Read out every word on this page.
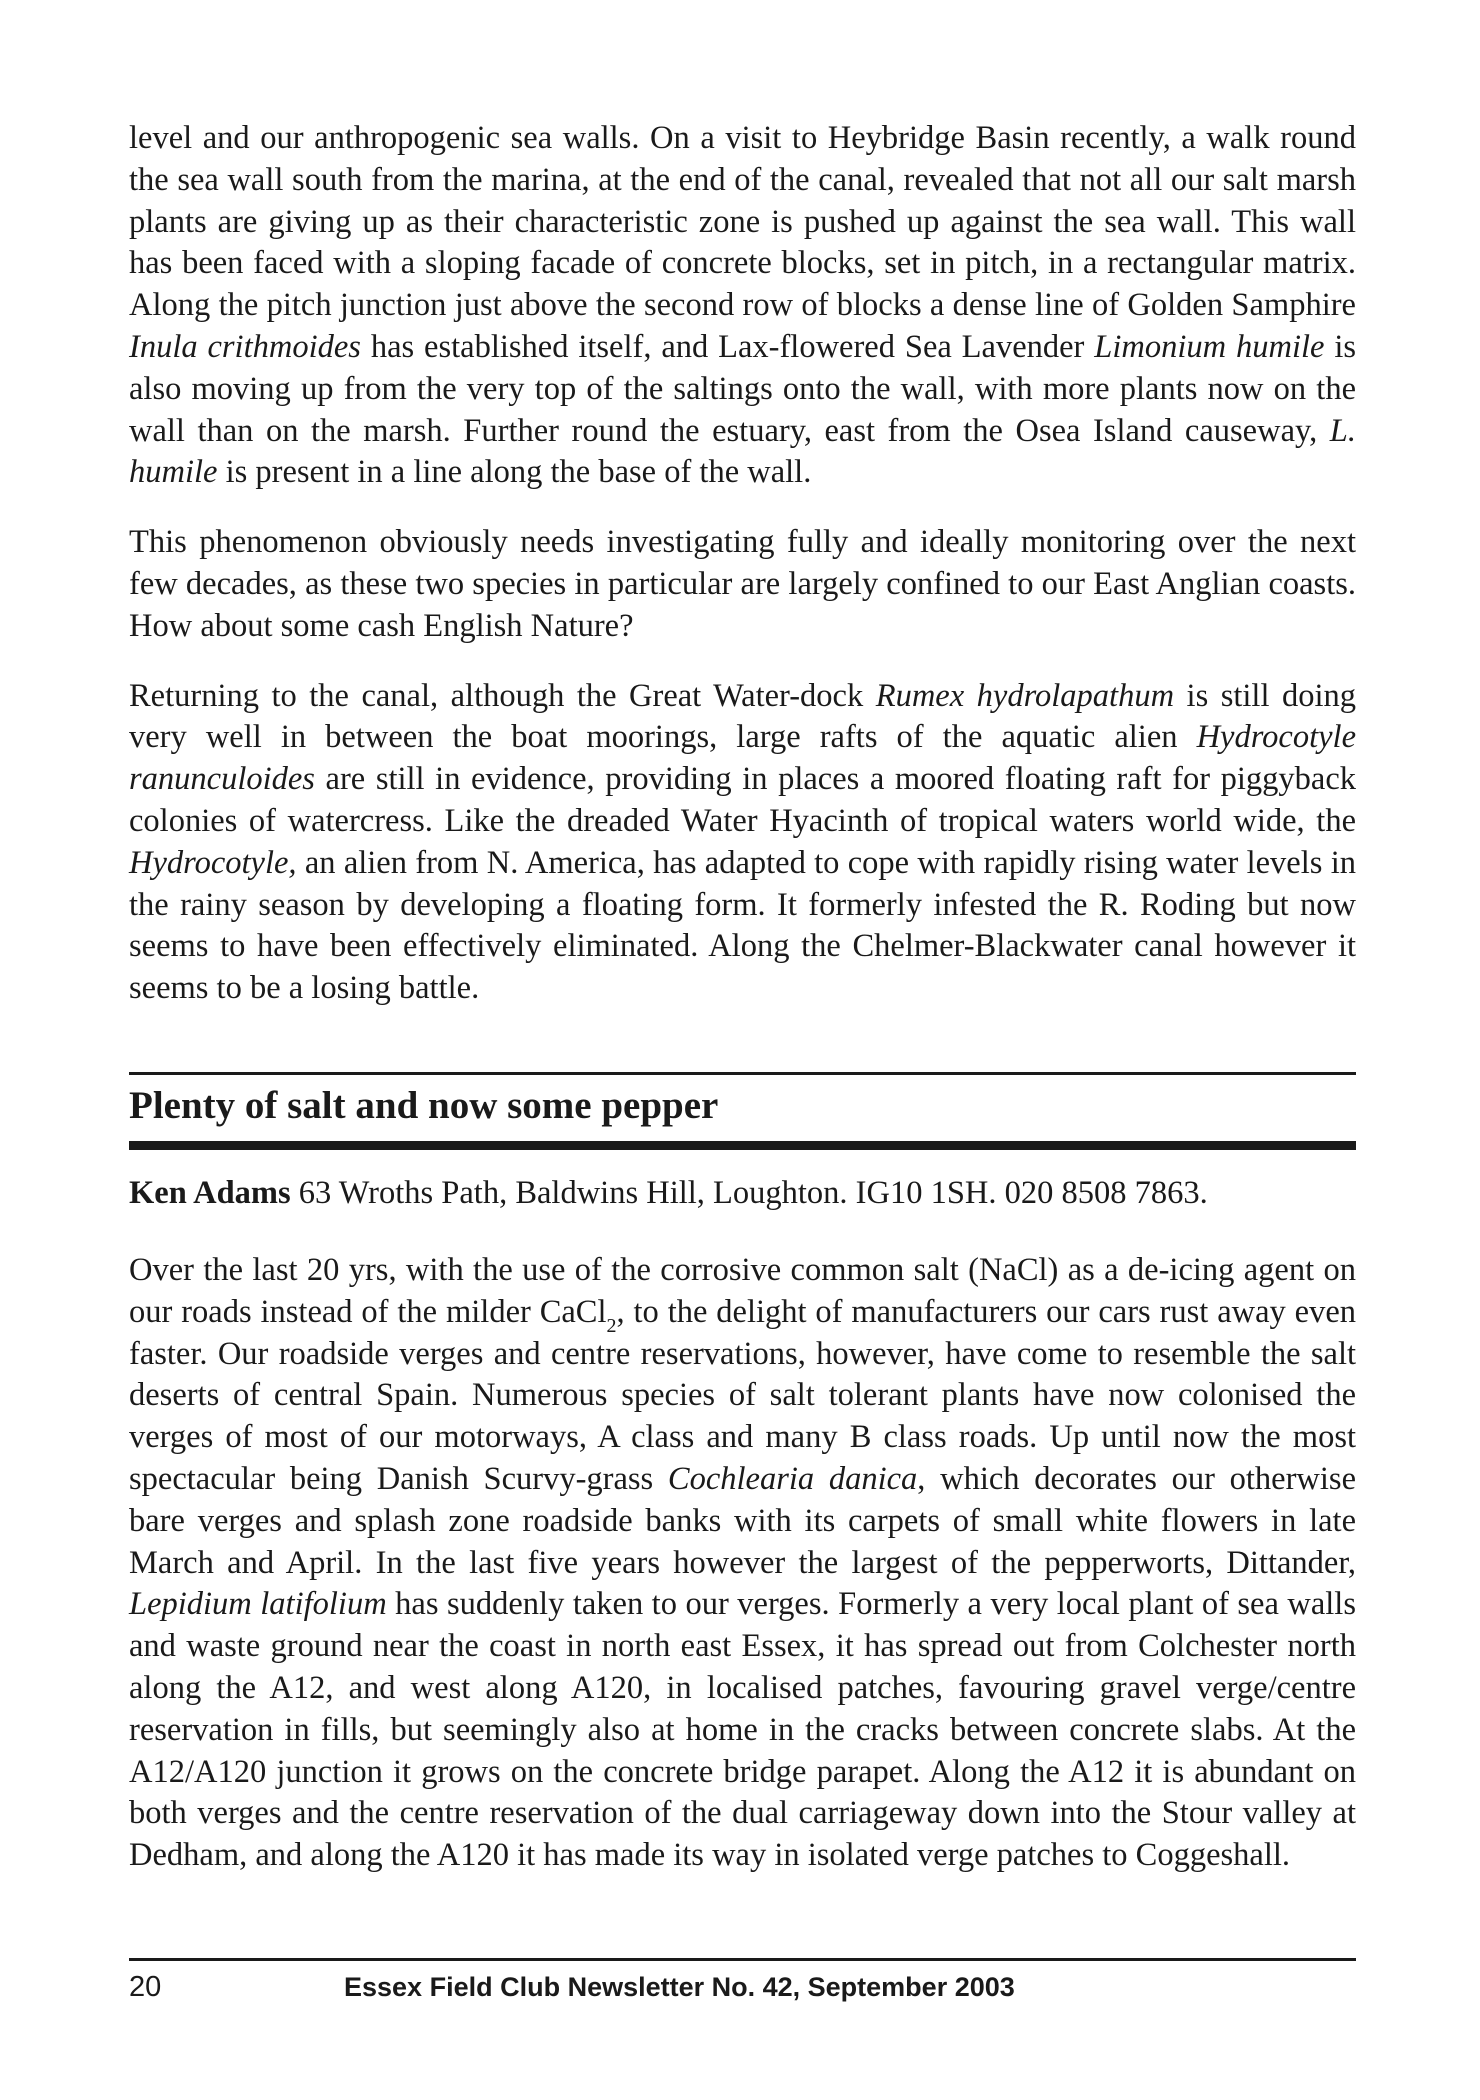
level and our anthropogenic sea walls. On a visit to Heybridge Basin recently, a walk round the sea wall south from the marina, at the end of the canal, revealed that not all our salt marsh plants are giving up as their characteristic zone is pushed up against the sea wall. This wall has been faced with a sloping facade of concrete blocks, set in pitch, in a rectangular matrix. Along the pitch junction just above the second row of blocks a dense line of Golden Samphire Inula crithmoides has established itself, and Lax-flowered Sea Lavender Limonium humile is also moving up from the very top of the saltings onto the wall, with more plants now on the wall than on the marsh. Further round the estuary, east from the Osea Island causeway, L. humile is present in a line along the base of the wall.

This phenomenon obviously needs investigating fully and ideally monitoring over the next few decades, as these two species in particular are largely confined to our East Anglian coasts. How about some cash English Nature?

Returning to the canal, although the Great Water-dock Rumex hydrolapathum is still doing very well in between the boat moorings, large rafts of the aquatic alien Hydrocotyle ranunculoides are still in evidence, providing in places a moored floating raft for piggyback colonies of watercress. Like the dreaded Water Hyacinth of tropical waters world wide, the Hydrocotyle, an alien from N. America, has adapted to cope with rapidly rising water levels in the rainy season by developing a floating form. It formerly infested the R. Roding but now seems to have been effectively eliminated. Along the Chelmer-Blackwater canal however it seems to be a losing battle.

Plenty of salt and now some pepper
Ken Adams 63 Wroths Path, Baldwins Hill, Loughton. IG10 1SH. 020 8508 7863.

Over the last 20 yrs, with the use of the corrosive common salt (NaCl) as a de-icing agent on our roads instead of the milder CaCl$_2$, to the delight of manufacturers our cars rust away even faster. Our roadside verges and centre reservations, however, have come to resemble the salt deserts of central Spain. Numerous species of salt tolerant plants have now colonised the verges of most of our motorways, A class and many B class roads. Up until now the most spectacular being Danish Scurvy-grass Cochlearia danica, which decorates our otherwise bare verges and splash zone roadside banks with its carpets of small white flowers in late March and April. In the last five years however the largest of the pepperworts, Dittander, Lepidium latifolium has suddenly taken to our verges. Formerly a very local plant of sea walls and waste ground near the coast in north east Essex, it has spread out from Colchester north along the A12, and west along A120, in localised patches, favouring gravel verge/centre reservation in fills, but seemingly also at home in the cracks between concrete slabs. At the A12/A120 junction it grows on the concrete bridge parapet. Along the A12 it is abundant on both verges and the centre reservation of the dual carriageway down into the Stour valley at Dedham, and along the A120 it has made its way in isolated verge patches to Coggeshall.

20	Essex Field Club Newsletter No. 42, September 2003
